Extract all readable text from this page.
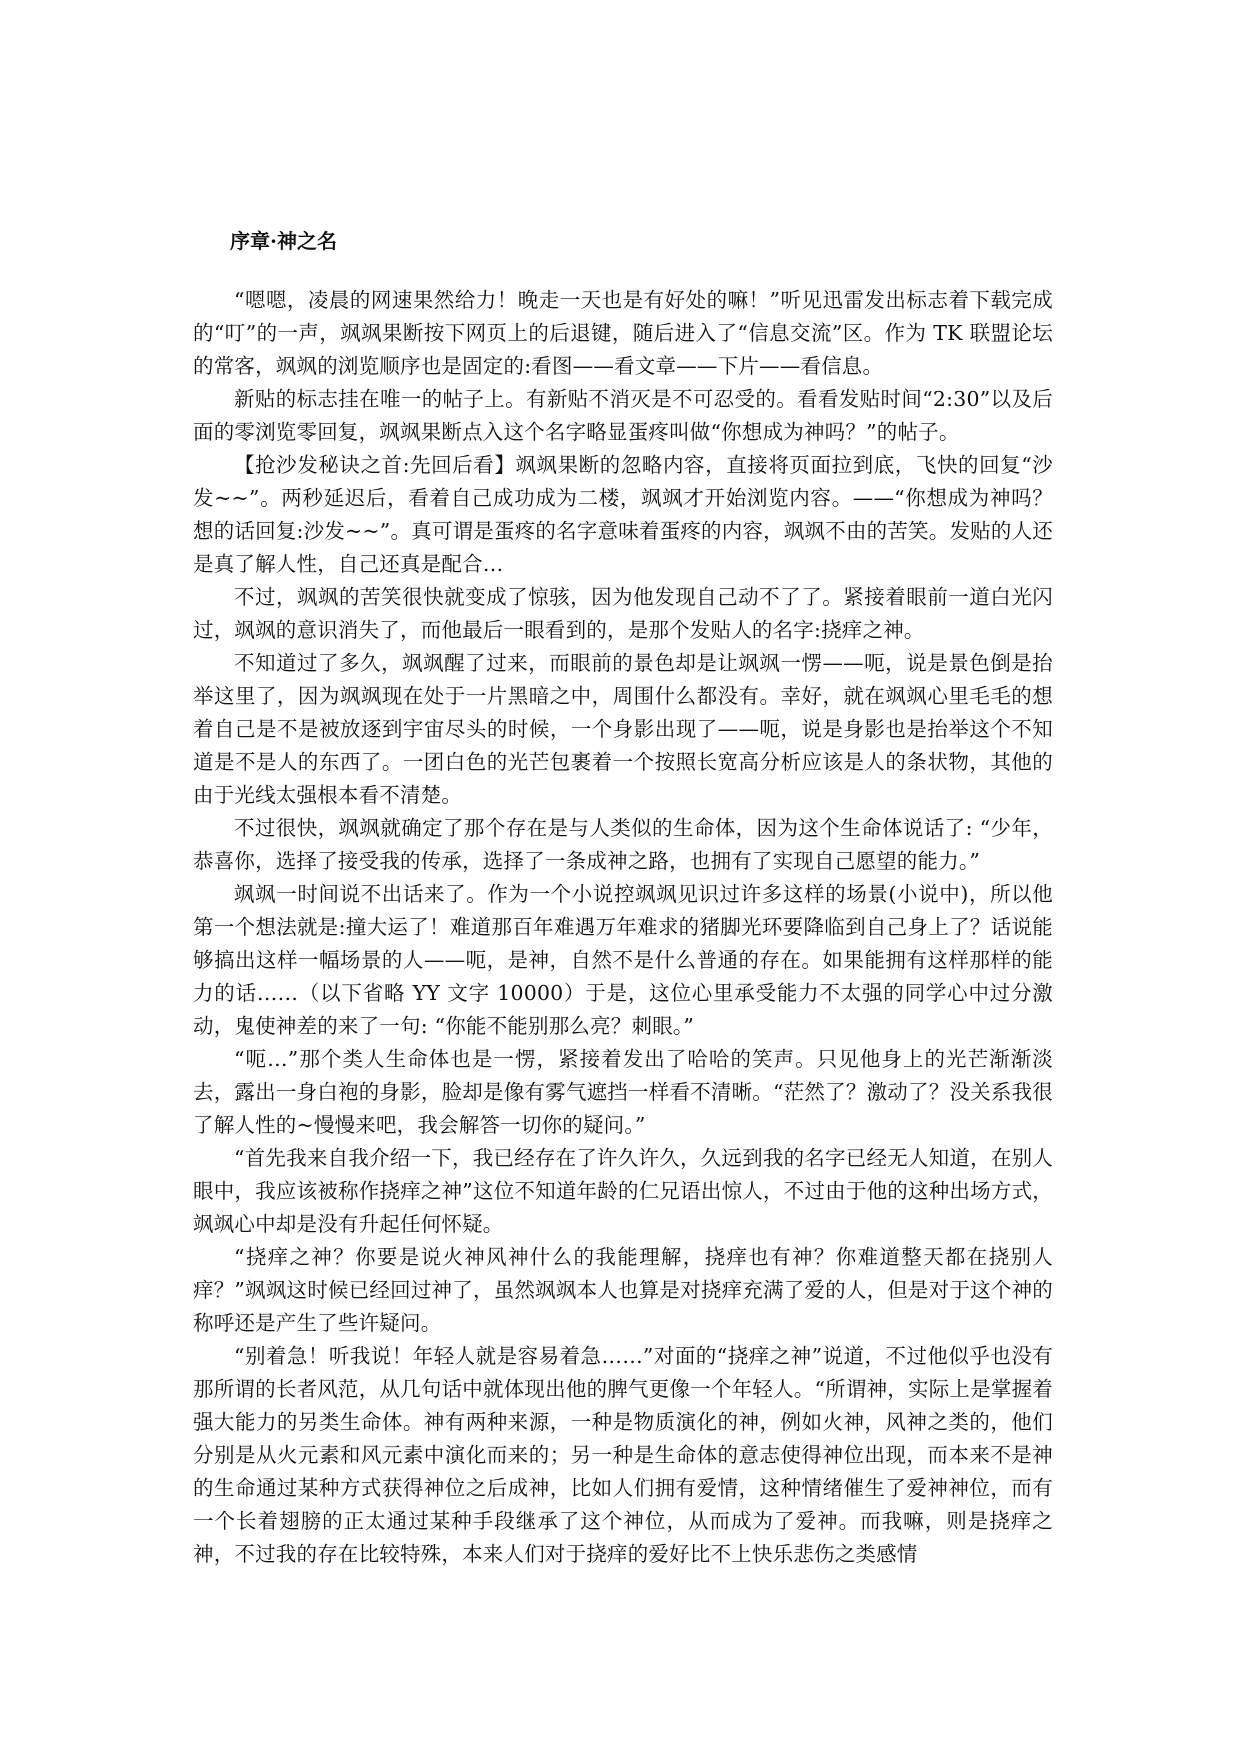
序章·神之名

“嗯嗯，凌晨的网速果然给力！晚走一天也是有好处的嘛！”听见迅雷发出标志着下载完成的“叮”的一声，飒飒果断按下网页上的后退键，随后进入了“信息交流”区。作为 TK 联盟论坛的常客，飒飒的浏览顺序也是固定的:看图——看文章——下片——看信息。

新贴的标志挂在唯一的帖子上。有新贴不消灭是不可忍受的。看看发贴时间“2:30”以及后面的零浏览零回复，飒飒果断点入这个名字略显蛋疼叫做“你想成为神吗？”的帖子。

【抢沙发秘诀之首:先回后看】飒飒果断的忽略内容，直接将页面拉到底，飞快的回复“沙发~~”。两秒延迟后，看着自己成功成为二楼，飒飒才开始浏览内容。——“你想成为神吗？想的话回复:沙发~~”。真可谓是蛋疼的名字意味着蛋疼的内容，飒飒不由的苦笑。发贴的人还是真了解人性，自己还真是配合…

不过，飒飒的苦笑很快就变成了惊骇，因为他发现自己动不了了。紧接着眼前一道白光闪过，飒飒的意识消失了，而他最后一眼看到的，是那个发贴人的名字:挠痒之神。

不知道过了多久，飒飒醒了过来，而眼前的景色却是让飒飒一愣——呃，说是景色倒是抬举这里了，因为飒飒现在处于一片黑暗之中，周围什么都没有。幸好，就在飒飒心里毛毛的想着自己是不是被放逐到宇宙尽头的时候，一个身影出现了——呃，说是身影也是抬举这个不知道是不是人的东西了。一团白色的光芒包裹着一个按照长宽高分析应该是人的条状物，其他的由于光线太强根本看不清楚。

不过很快，飒飒就确定了那个存在是与人类似的生命体，因为这个生命体说话了: “少年，恭喜你，选择了接受我的传承，选择了一条成神之路，也拥有了实现自己愿望的能力。”

飒飒一时间说不出话来了。作为一个小说控飒飒见识过许多这样的场景(小说中)，所以他第一个想法就是:撞大运了！难道那百年难遇万年难求的猪脚光环要降临到自己身上了？话说能够搞出这样一幅场景的人——呃，是神，自然不是什么普通的存在。如果能拥有这样那样的能力的话……（以下省略 YY 文字 10000）于是，这位心里承受能力不太强的同学心中过分激动，鬼使神差的来了一句: “你能不能别那么亮？刺眼。”

“呃…”那个类人生命体也是一愣，紧接着发出了哈哈的笑声。只见他身上的光芒渐渐淡去，露出一身白袍的身影，脸却是像有雾气遮挡一样看不清晰。“茫然了？激动了？没关系我很了解人性的~慢慢来吧，我会解答一切你的疑问。”

“首先我来自我介绍一下，我已经存在了许久许久，久远到我的名字已经无人知道，在别人眼中，我应该被称作挠痒之神”这位不知道年龄的仁兄语出惊人，不过由于他的这种出场方式，飒飒心中却是没有升起任何怀疑。

“挠痒之神？你要是说火神风神什么的我能理解，挠痒也有神？你难道整天都在挠别人痒？”飒飒这时候已经回过神了，虽然飒飒本人也算是对挠痒充满了爱的人，但是对于这个神的称呼还是产生了些许疑问。

“别着急！听我说！年轻人就是容易着急……”对面的“挠痒之神”说道，不过他似乎也没有那所谓的长者风范，从几句话中就体现出他的脾气更像一个年轻人。“所谓神，实际上是掌握着强大能力的另类生命体。神有两种来源，一种是物质演化的神，例如火神，风神之类的，他们分别是从火元素和风元素中演化而来的；另一种是生命体的意志使得神位出现，而本来不是神的生命通过某种方式获得神位之后成神，比如人们拥有爱情，这种情绪催生了爱神神位，而有一个长着翅膀的正太通过某种手段继承了这个神位，从而成为了爱神。而我嘛，则是挠痒之神，不过我的存在比较特殊，本来人们对于挠痒的爱好比不上快乐悲伤之类感情
